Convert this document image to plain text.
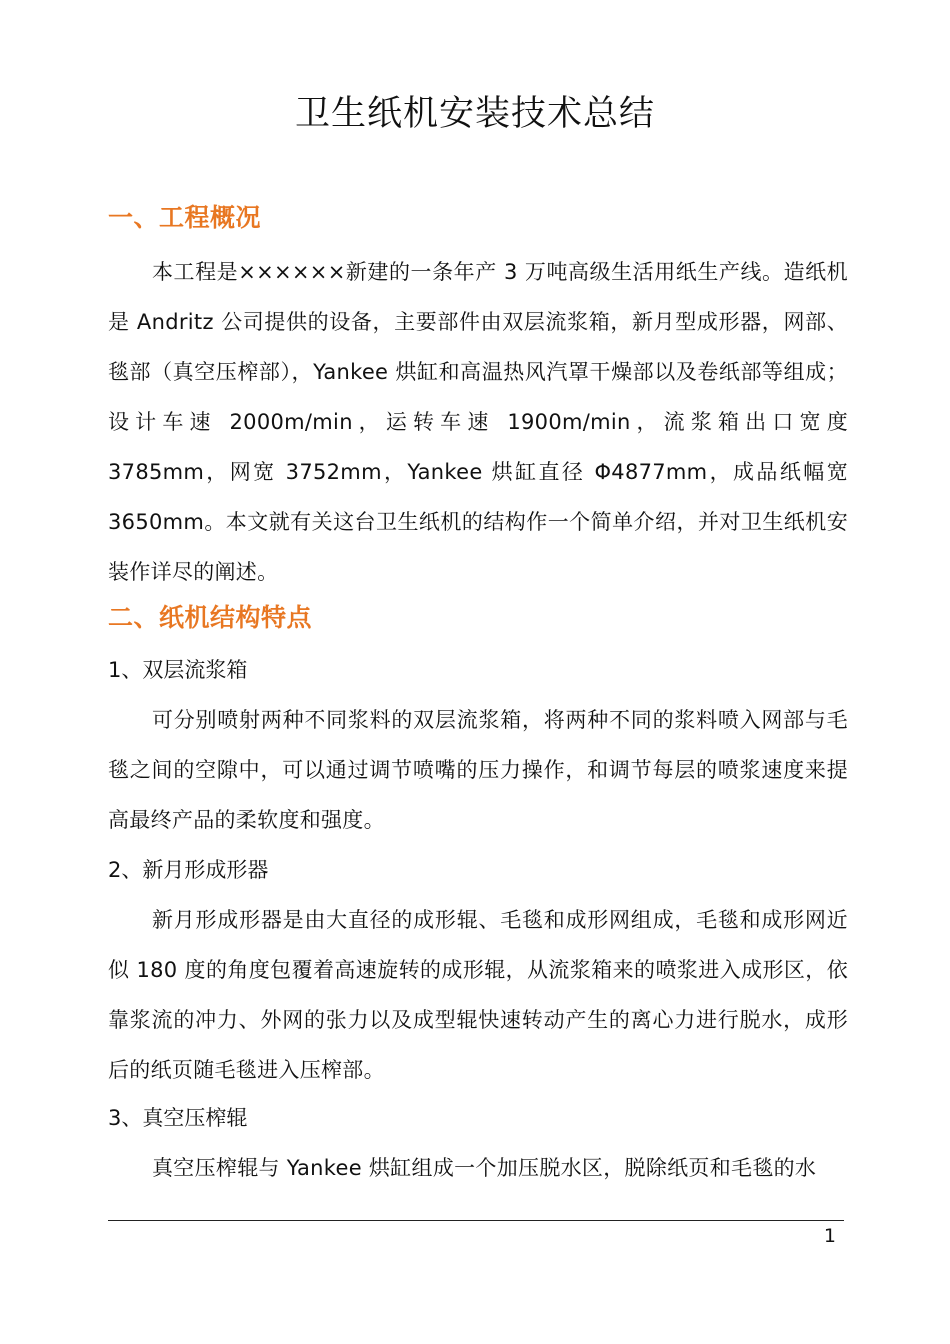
卫生纸机安装技术总结
一、工程概况
本工程是××××××新建的一条年产 3 万吨高级生活用纸生产线。造纸机是 Andritz 公司提供的设备，主要部件由双层流浆箱，新月型成形器，网部、毯部（真空压榨部），Yankee 烘缸和高温热风汽罩干燥部以及卷纸部等组成；设计车速 2000m/min，运转车速 1900m/min，流浆箱出口宽度 3785mm，网宽 3752mm，Yankee 烘缸直径 Φ4877mm，成品纸幅宽 3650mm。本文就有关这台卫生纸机的结构作一个简单介绍，并对卫生纸机安装作详尽的阐述。
二、纸机结构特点
1、双层流浆箱
可分别喷射两种不同浆料的双层流浆箱，将两种不同的浆料喷入网部与毛毯之间的空隙中，可以通过调节喷嘴的压力操作，和调节每层的喷浆速度来提高最终产品的柔软度和强度。
2、新月形成形器
新月形成形器是由大直径的成形辊、毛毯和成形网组成，毛毯和成形网近似 180 度的角度包覆着高速旋转的成形辊，从流浆箱来的喷浆进入成形区，依靠浆流的冲力、外网的张力以及成型辊快速转动产生的离心力进行脱水，成形后的纸页随毛毯进入压榨部。
3、真空压榨辊
真空压榨辊与 Yankee 烘缸组成一个加压脱水区，脱除纸页和毛毯的水
1
